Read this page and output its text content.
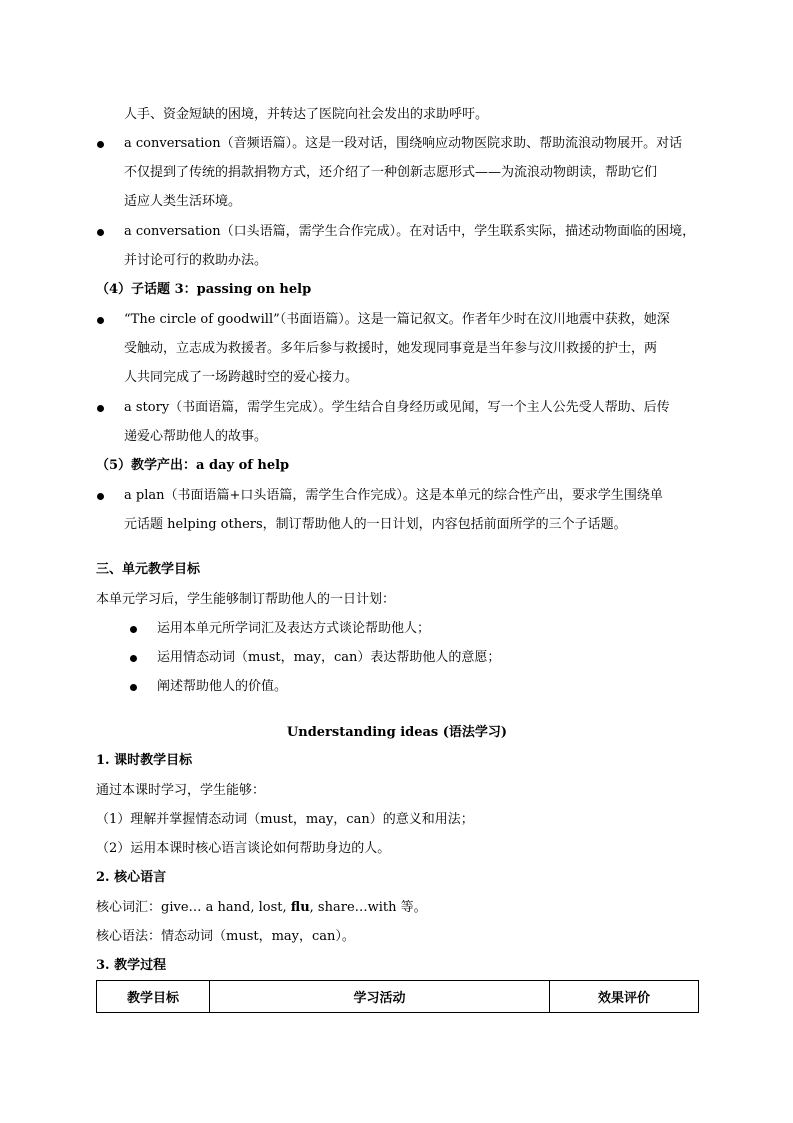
人手、资金短缺的困境，并转达了医院向社会发出的求助呼吁。
a conversation（音频语篇）。这是一段对话，围绕响应动物医院求助、帮助流浪动物展开。对话
不仅提到了传统的捐款捐物方式，还介绍了一种创新志愿形式——为流浪动物朗读，帮助它们
适应人类生活环境。
a conversation（口头语篇，需学生合作完成）。在对话中，学生联系实际，描述动物面临的困境，
并讨论可行的救助办法。
（4）子话题 3：passing on help
“The circle of goodwill”（书面语篇）。这是一篇记叙文。作者年少时在汶川地震中获救，她深
受触动，立志成为救援者。多年后参与救援时，她发现同事竟是当年参与汶川救援的护士，两
人共同完成了一场跨越时空的爱心接力。
a story（书面语篇，需学生完成）。学生结合自身经历或见闻，写一个主人公先受人帮助、后传
递爱心帮助他人的故事。
（5）教学产出：a day of help
a plan（书面语篇+口头语篇，需学生合作完成）。这是本单元的综合性产出，要求学生围绕单
元话题 helping others，制订帮助他人的一日计划，内容包括前面所学的三个子话题。
三、单元教学目标
本单元学习后，学生能够制订帮助他人的一日计划：
运用本单元所学词汇及表达方式谈论帮助他人；
运用情态动词（must，may，can）表达帮助他人的意愿；
阐述帮助他人的价值。
Understanding ideas (语法学习)
1. 课时教学目标
通过本课时学习，学生能够：
（1）理解并掌握情态动词（must，may，can）的意义和用法；
（2）运用本课时核心语言谈论如何帮助身边的人。
2. 核心语言
核心词汇：give… a hand, lost, flu, share…with 等。
核心语法：情态动词（must，may，can）。
3. 教学过程
教学目标	学习活动	效果评价
